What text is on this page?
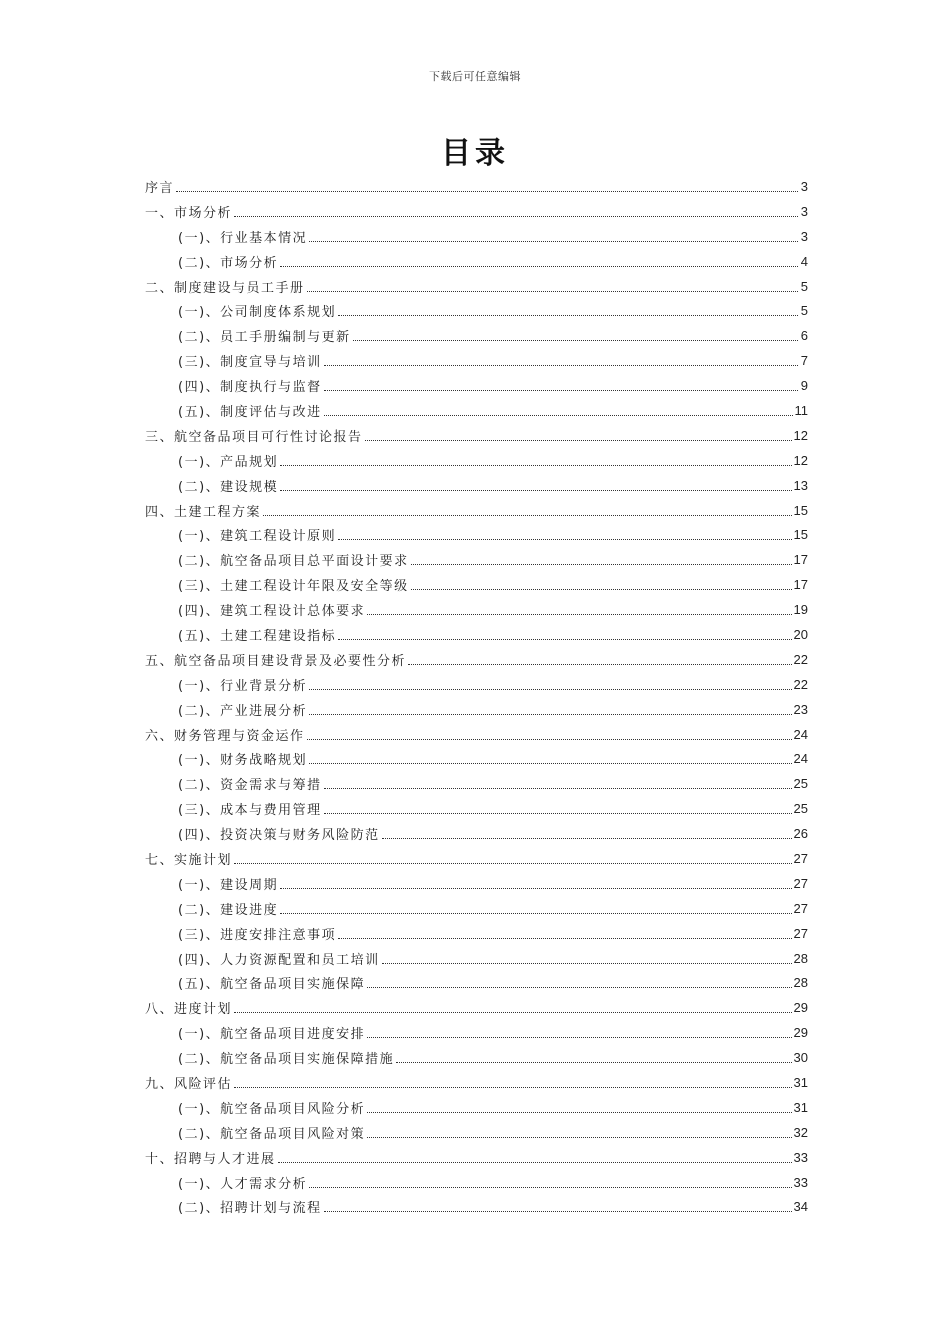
下载后可任意编辑
目录
序言	3
一、市场分析	3
(一)、行业基本情况	3
(二)、市场分析	4
二、制度建设与员工手册	5
(一)、公司制度体系规划	5
(二)、员工手册编制与更新	6
(三)、制度宣导与培训	7
(四)、制度执行与监督	9
(五)、制度评估与改进	11
三、航空备品项目可行性讨论报告	12
(一)、产品规划	12
(二)、建设规模	13
四、土建工程方案	15
(一)、建筑工程设计原则	15
(二)、航空备品项目总平面设计要求	17
(三)、土建工程设计年限及安全等级	17
(四)、建筑工程设计总体要求	19
(五)、土建工程建设指标	20
五、航空备品项目建设背景及必要性分析	22
(一)、行业背景分析	22
(二)、产业进展分析	23
六、财务管理与资金运作	24
(一)、财务战略规划	24
(二)、资金需求与筹措	25
(三)、成本与费用管理	25
(四)、投资决策与财务风险防范	26
七、实施计划	27
(一)、建设周期	27
(二)、建设进度	27
(三)、进度安排注意事项	27
(四)、人力资源配置和员工培训	28
(五)、航空备品项目实施保障	28
八、进度计划	29
(一)、航空备品项目进度安排	29
(二)、航空备品项目实施保障措施	30
九、风险评估	31
(一)、航空备品项目风险分析	31
(二)、航空备品项目风险对策	32
十、招聘与人才进展	33
(一)、人才需求分析	33
(二)、招聘计划与流程	34
